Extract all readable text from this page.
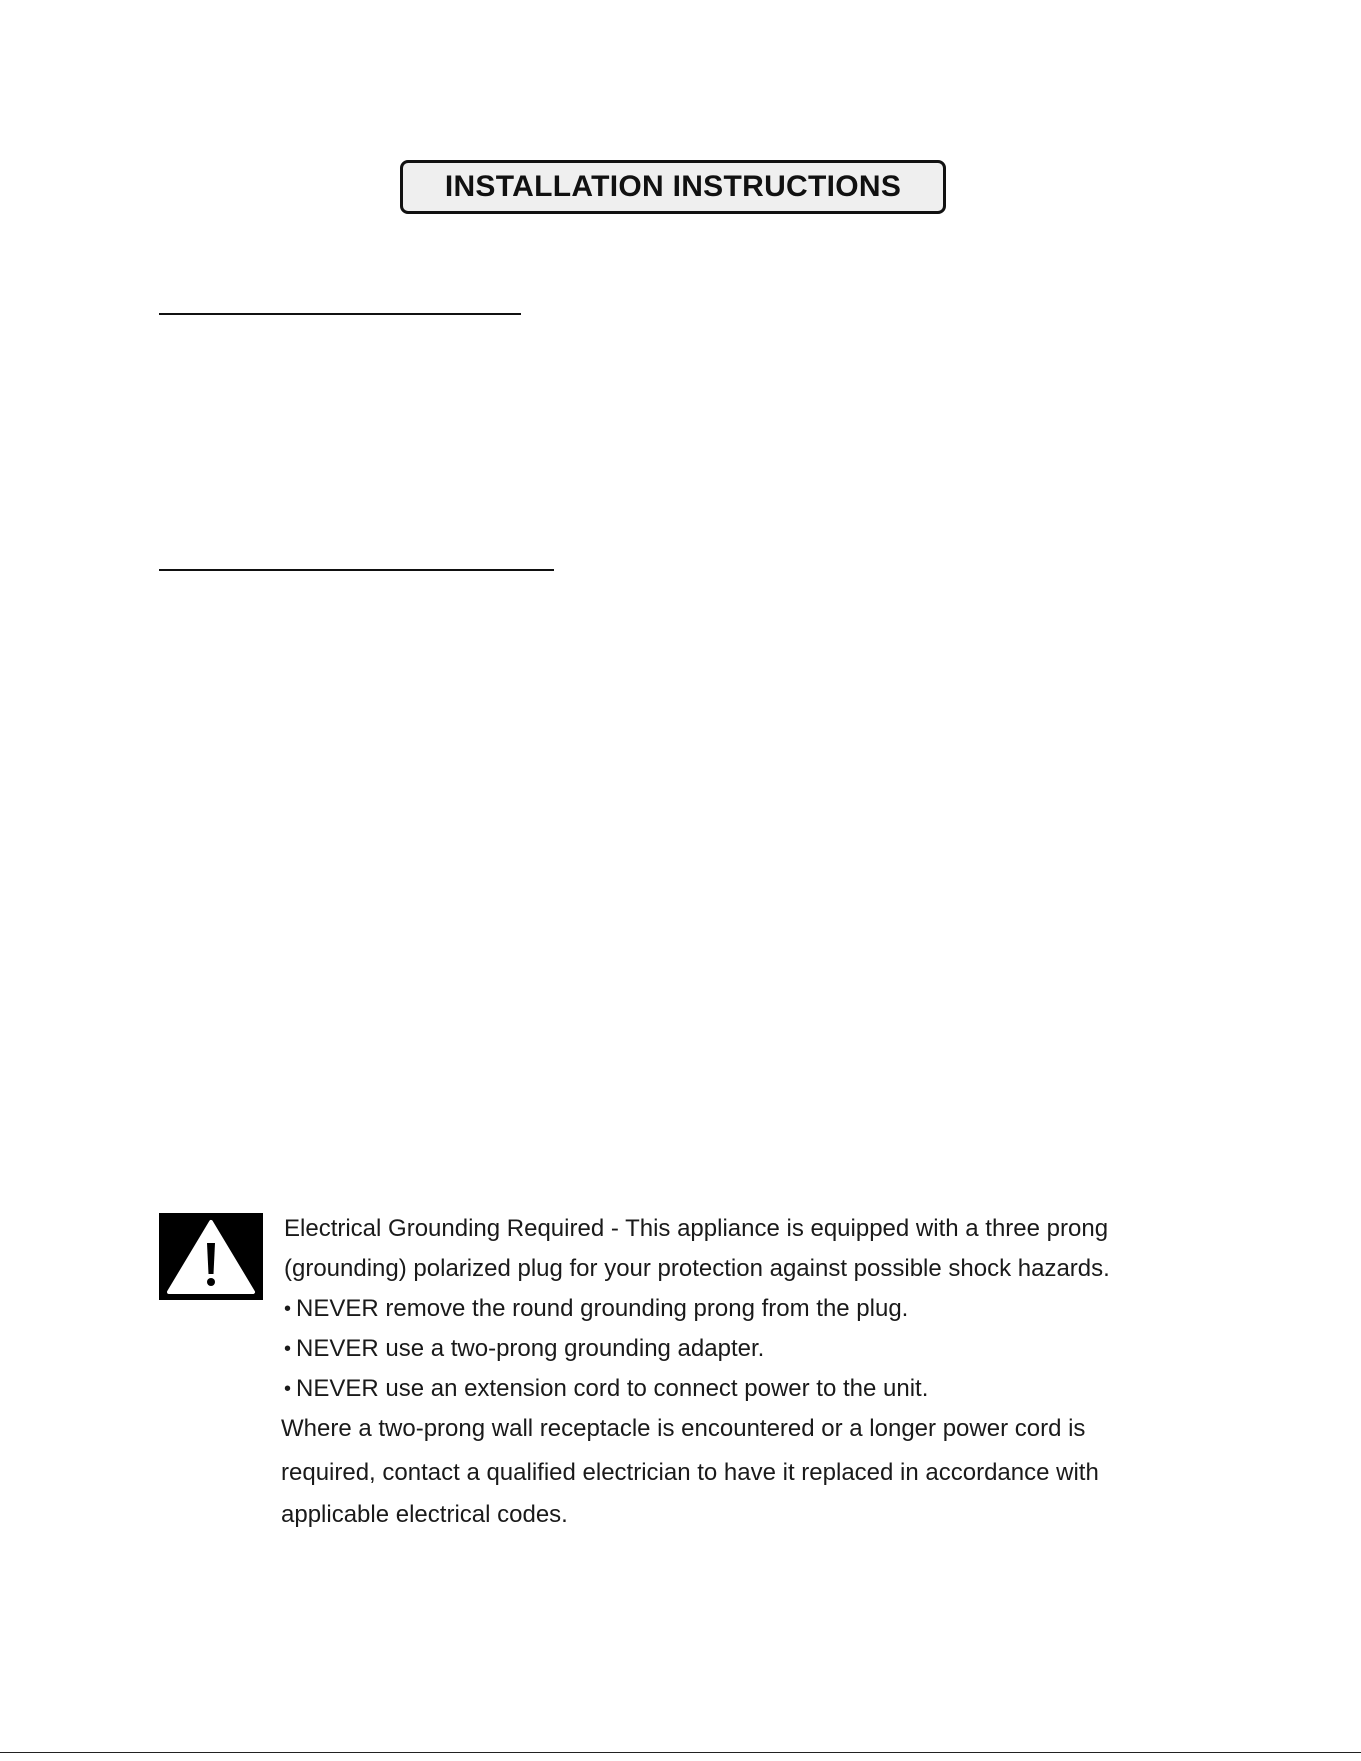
INSTALLATION INSTRUCTIONS
Electrical Grounding Required - This appliance is equipped with a three prong
(grounding) polarized plug for your protection against possible shock hazards.
• NEVER remove the round grounding prong from the plug.
• NEVER use a two-prong grounding adapter.
• NEVER use an extension cord to connect power to the unit.
Where a two-prong wall receptacle is encountered or a longer power cord is
required, contact a qualified electrician to have it replaced in accordance with
applicable electrical codes.
